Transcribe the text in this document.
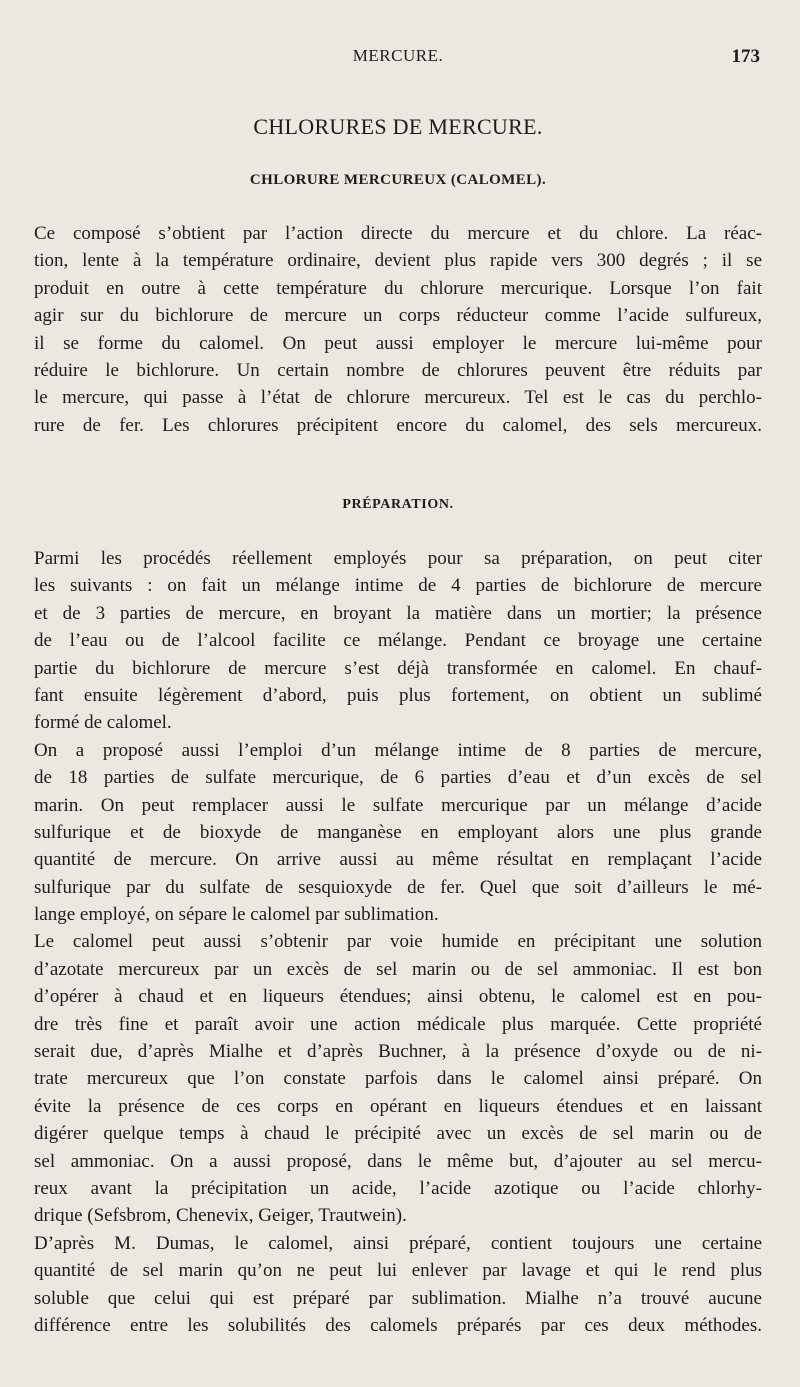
MERCURE.	173
CHLORURES DE MERCURE.
CHLORURE MERCUREUX (CALOMEL).
Ce composé s’obtient par l’action directe du mercure et du chlore. La réac-
tion, lente à la température ordinaire, devient plus rapide vers 300 degrés ; il se
produit en outre à cette température du chlorure mercurique. Lorsque l’on fait
agir sur du bichlorure de mercure un corps réducteur comme l’acide sulfureux,
il se forme du calomel. On peut aussi employer le mercure lui-même pour
réduire le bichlorure. Un certain nombre de chlorures peuvent être réduits par
le mercure, qui passe à l’état de chlorure mercureux. Tel est le cas du perchlo-
rure de fer. Les chlorures précipitent encore du calomel, des sels mercureux.
PRÉPARATION.
Parmi les procédés réellement employés pour sa préparation, on peut citer
les suivants : on fait un mélange intime de 4 parties de bichlorure de mercure
et de 3 parties de mercure, en broyant la matière dans un mortier; la présence
de l’eau ou de l’alcool facilite ce mélange. Pendant ce broyage une certaine
partie du bichlorure de mercure s’est déjà transformée en calomel. En chauf-
fant ensuite légèrement d’abord, puis plus fortement, on obtient un sublimé
formé de calomel.
On a proposé aussi l’emploi d’un mélange intime de 8 parties de mercure,
de 18 parties de sulfate mercurique, de 6 parties d’eau et d’un excès de sel
marin. On peut remplacer aussi le sulfate mercurique par un mélange d’acide
sulfurique et de bioxyde de manganèse en employant alors une plus grande
quantité de mercure. On arrive aussi au même résultat en remplaçant l’acide
sulfurique par du sulfate de sesquioxyde de fer. Quel que soit d’ailleurs le mé-
lange employé, on sépare le calomel par sublimation.
Le calomel peut aussi s’obtenir par voie humide en précipitant une solution
d’azotate mercureux par un excès de sel marin ou de sel ammoniac. Il est bon
d’opérer à chaud et en liqueurs étendues; ainsi obtenu, le calomel est en pou-
dre très fine et paraît avoir une action médicale plus marquée. Cette propriété
serait due, d’après Mialhe et d’après Buchner, à la présence d’oxyde ou de ni-
trate mercureux que l’on constate parfois dans le calomel ainsi préparé. On
évite la présence de ces corps en opérant en liqueurs étendues et en laissant
digérer quelque temps à chaud le précipité avec un excès de sel marin ou de
sel ammoniac. On a aussi proposé, dans le même but, d’ajouter au sel mercu-
reux avant la précipitation un acide, l’acide azotique ou l’acide chlorhy-
drique (Sefsbrom, Chenevix, Geiger, Trautwein).
D’après M. Dumas, le calomel, ainsi préparé, contient toujours une certaine
quantité de sel marin qu’on ne peut lui enlever par lavage et qui le rend plus
soluble que celui qui est préparé par sublimation. Mialhe n’a trouvé aucune
différence entre les solubilités des calomels préparés par ces deux méthodes.
